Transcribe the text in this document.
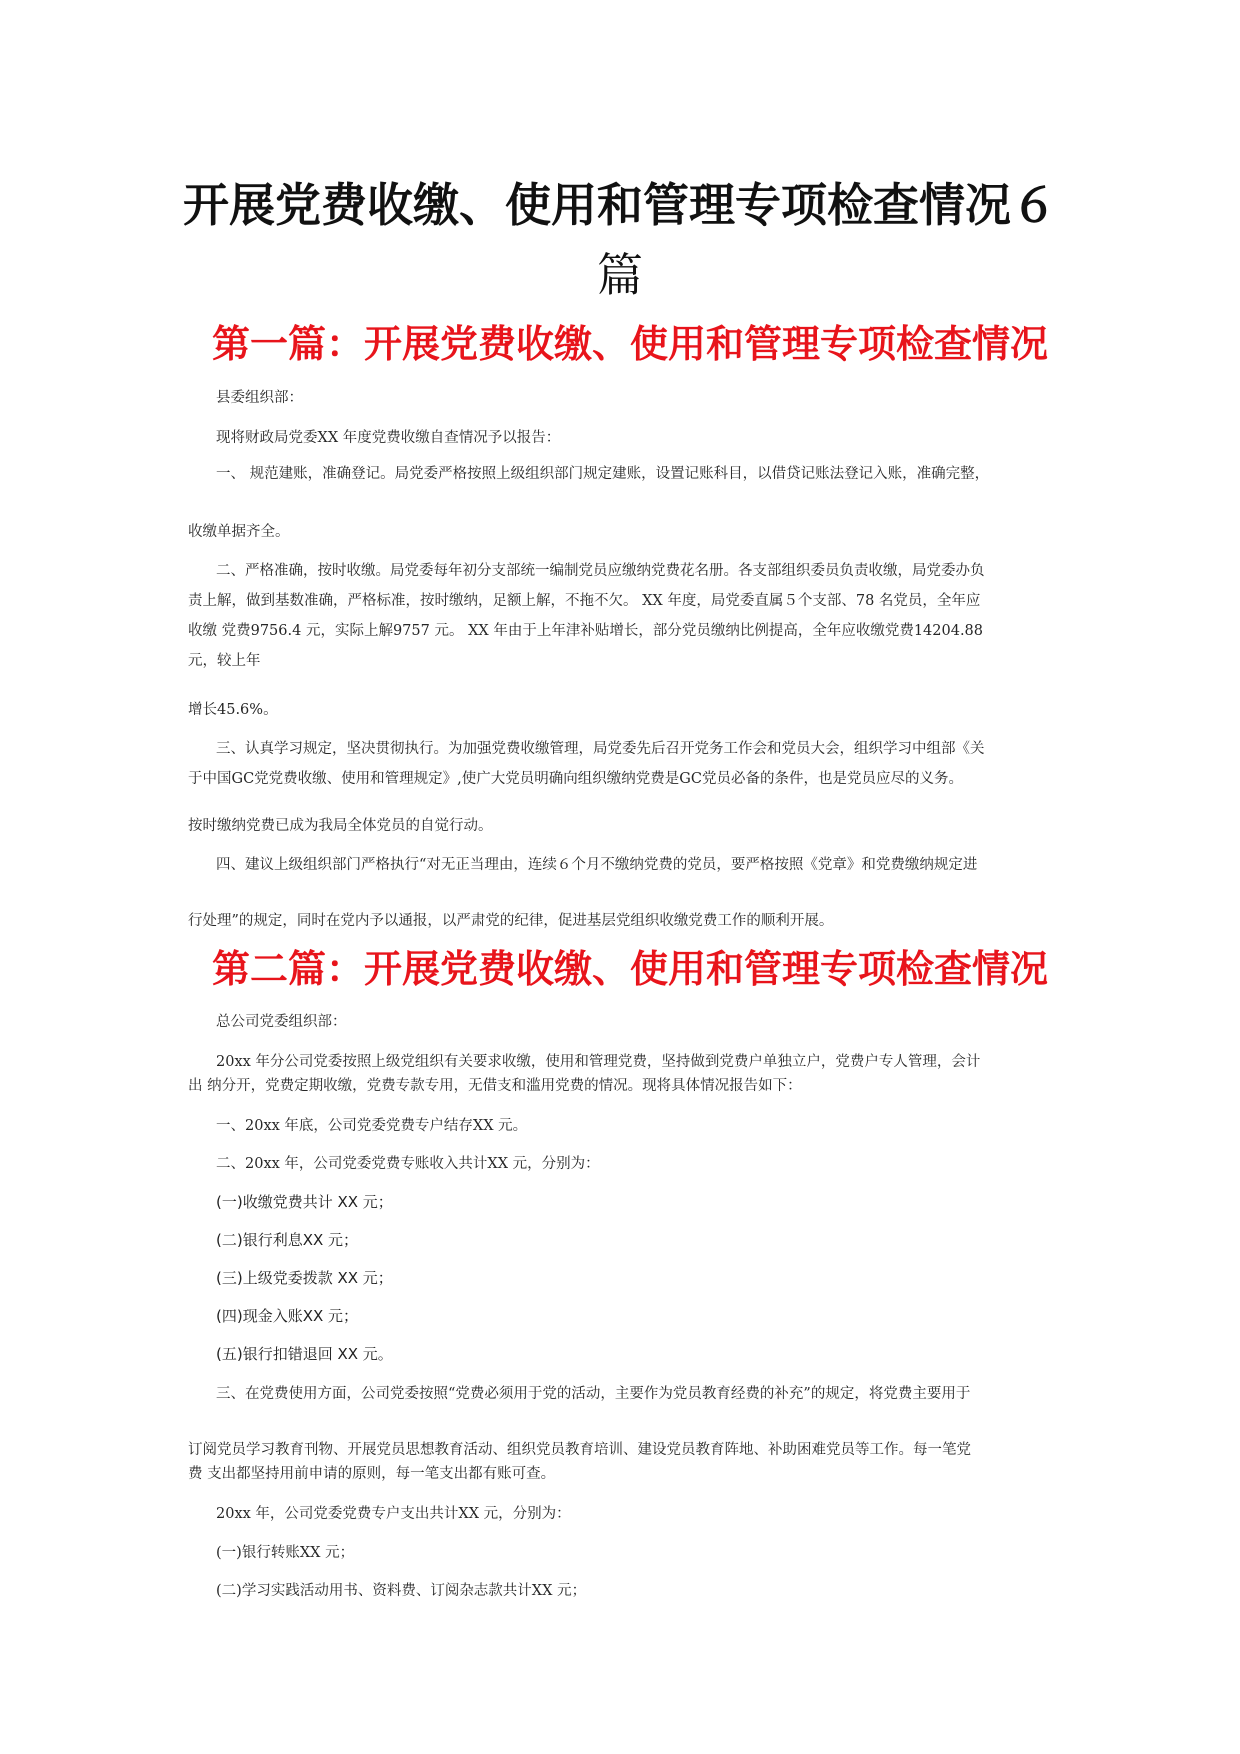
开展党费收缴、使用和管理专项检查情况６
篇
第一篇：开展党费收缴、使用和管理专项检查情况

县委组织部：

现将财政局党委XX 年度党费收缴自查情况予以报告：

一、 规范建账，准确登记。局党委严格按照上级组织部门规定建账，设置记账科目，以借贷记账法登记入账，准确完整，

收缴单据齐全。

二、严格准确，按时收缴。局党委每年初分支部统一编制党员应缴纳党费花名册。各支部组织委员负责收缴，局党委办负

责上解，做到基数准确，严格标准，按时缴纳，足额上解，不拖不欠。 XX 年度，局党委直属５个支部、78 名党员，全年应

收缴 党费9756.4 元，实际上解9757 元。 XX 年由于上年津补贴增长，部分党员缴纳比例提高，全年应收缴党费14204.88

元，较上年

增长45.6%。

三、认真学习规定，坚决贯彻执行。为加强党费收缴管理，局党委先后召开党务工作会和党员大会，组织学习中组部《关

于中国GC党党费收缴、使用和管理规定》,使广大党员明确向组织缴纳党费是GC党员必备的条件，也是党员应尽的义务。

按时缴纳党费已成为我局全体党员的自觉行动。

四、建议上级组织部门严格执行“对无正当理由，连续６个月不缴纳党费的党员，要严格按照《党章》和党费缴纳规定进

行处理”的规定，同时在党内予以通报，以严肃党的纪律，促进基层党组织收缴党费工作的顺利开展。

第二篇：开展党费收缴、使用和管理专项检查情况

总公司党委组织部：

20xx 年分公司党委按照上级党组织有关要求收缴，使用和管理党费，坚持做到党费户单独立户，党费户专人管理，会计

出 纳分开，党费定期收缴，党费专款专用，无借支和滥用党费的情况。现将具体情况报告如下：

一、20xx 年底，公司党委党费专户结存XX 元。

二、20xx 年，公司党委党费专账收入共计XX 元，分别为：

(一)收缴党费共计 XX 元；
(二)银行利息XX 元；
(三)上级党委拨款 XX 元；
(四)现金入账XX 元；
(五)银行扣错退回 XX 元。

三、在党费使用方面，公司党委按照“党费必须用于党的活动，主要作为党员教育经费的补充”的规定，将党费主要用于

订阅党员学习教育刊物、开展党员思想教育活动、组织党员教育培训、建设党员教育阵地、补助困难党员等工作。每一笔党

费 支出都坚持用前申请的原则，每一笔支出都有账可查。

20xx 年，公司党委党费专户支出共计XX 元，分别为：

(一)银行转账XX 元；

(二)学习实践活动用书、资料费、订阅杂志款共计XX 元；
